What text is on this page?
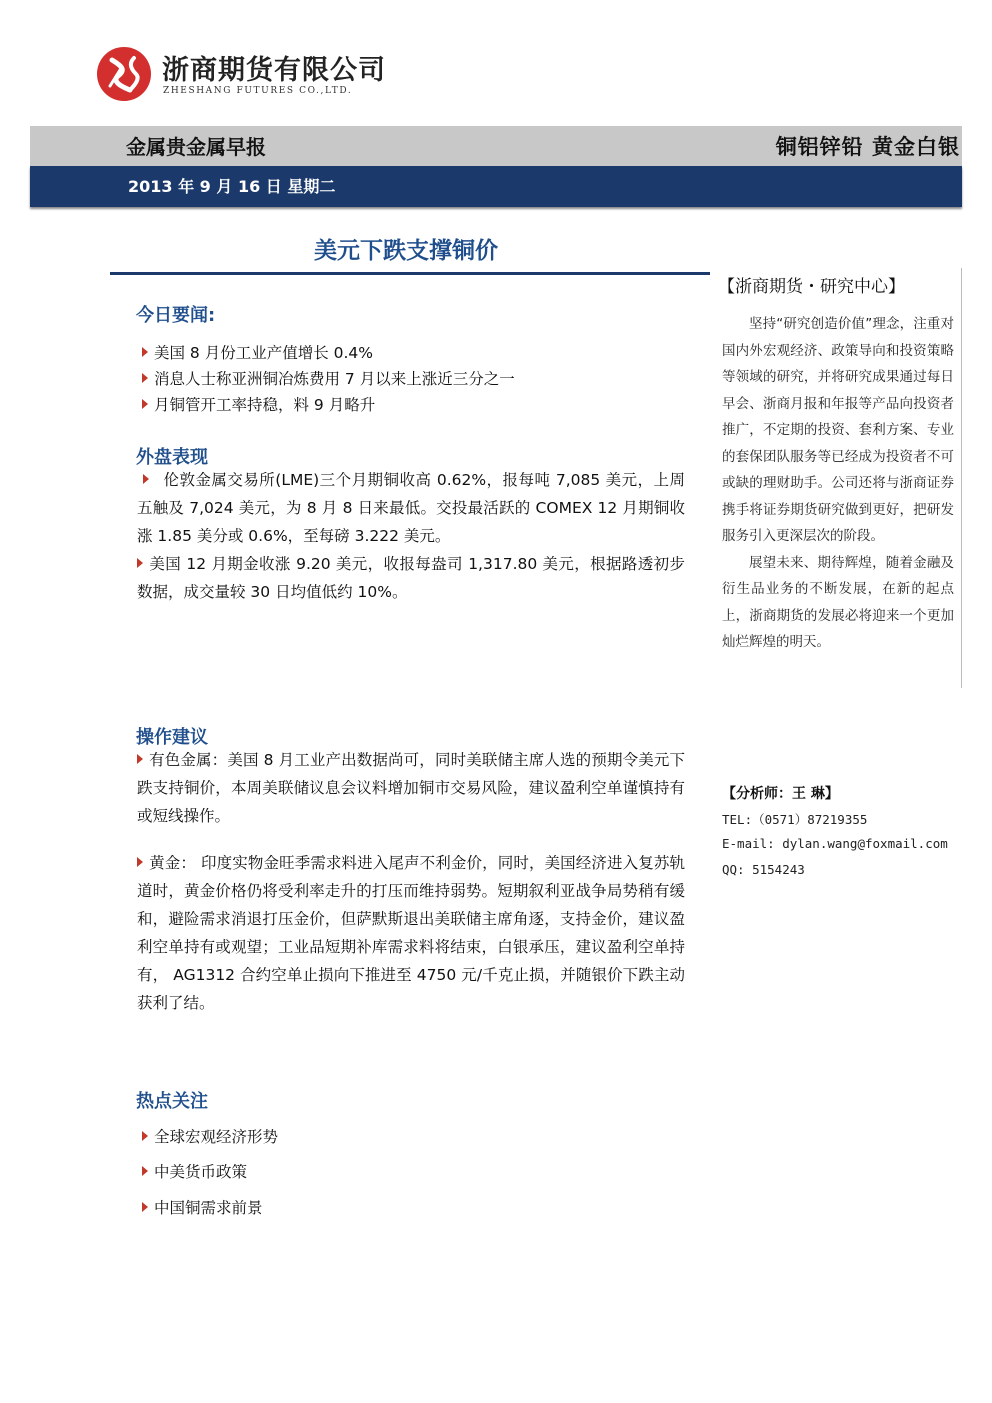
浙商期货有限公司
ZHESHANG FUTURES CO.,LTD.
金属贵金属早报	铜铝锌铅 黄金白银
2013 年 9 月 16 日 星期二
美元下跌支撑铜价
今日要闻:
美国 8 月份工业产值增长 0.4%
消息人士称亚洲铜冶炼费用 7 月以来上涨近三分之一
月铜管开工率持稳，料 9 月略升
外盘表现
伦敦金属交易所(LME)三个月期铜收高 0.62%，报每吨 7,085 美元，上周五触及 7,024 美元，为 8 月 8 日来最低。交投最活跃的 COMEX 12 月期铜收涨 1.85 美分或 0.6%，至每磅 3.222 美元。
美国 12 月期金收涨 9.20 美元，收报每盎司 1,317.80 美元，根据路透初步数据，成交量较 30 日均值低约 10%。
操作建议
有色金属：美国 8 月工业产出数据尚可，同时美联储主席人选的预期令美元下跌支持铜价，本周美联储议息会议料增加铜市交易风险，建议盈利空单谨慎持有或短线操作。
黄金： 印度实物金旺季需求料进入尾声不利金价，同时，美国经济进入复苏轨道时，黄金价格仍将受利率走升的打压而维持弱势。短期叙利亚战争局势稍有缓和，避险需求消退打压金价，但萨默斯退出美联储主席角逐，支持金价，建议盈利空单持有或观望；工业品短期补库需求料将结束，白银承压，建议盈利空单持有， AG1312 合约空单止损向下推进至 4750 元/千克止损，并随银价下跌主动获利了结。
热点关注
全球宏观经济形势
中美货币政策
中国铜需求前景
【浙商期货・研究中心】

坚持“研究创造价值”理念，注重对国内外宏观经济、政策导向和投资策略等领域的研究，并将研究成果通过每日早会、浙商月报和年报等产品向投资者推广，不定期的投资、套利方案、专业的套保团队服务等已经成为投资者不可或缺的理财助手。公司还将与浙商证券携手将证券期货研究做到更好，把研发服务引入更深层次的阶段。

展望未来、期待辉煌，随着金融及衍生品业务的不断发展，在新的起点上，浙商期货的发展必将迎来一个更加灿烂辉煌的明天。

【分析师：王 琳】
TEL:（0571）87219355
E-mail: dylan.wang@foxmail.com
QQ: 5154243
